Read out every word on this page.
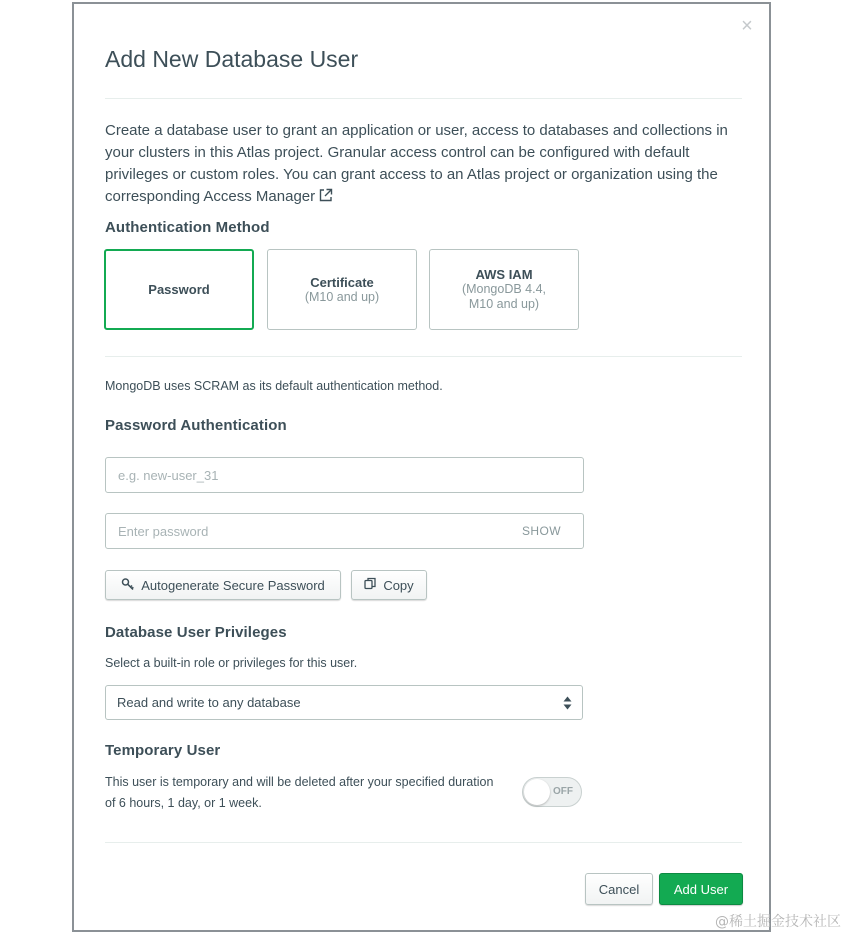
×
Add New Database User
Create a database user to grant an application or user, access to databases and collections in your clusters in this Atlas project. Granular access control can be configured with default privileges or custom roles. You can grant access to an Atlas project or organization using the corresponding Access Manager
Authentication Method
Password	Certificate
(M10 and up)
AWS IAM
(MongoDB 4.4,
M10 and up)
MongoDB uses SCRAM as its default authentication method.
Password Authentication
e.g. new-user_31
SHOW
Autogenerate Secure Password	Copy
Database User Privileges
Select a built-in role or privileges for this user.
Read and write to any database
Temporary User
This user is temporary and will be deleted after your specified duration of 6 hours, 1 day, or 1 week.
OFF
Cancel	Add User
@稀土掘金技术社区
